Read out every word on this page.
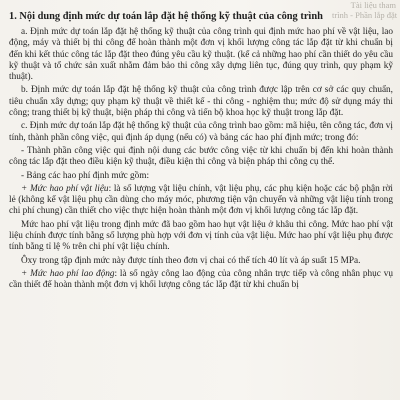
Tài liệu tham
trình - Phần lắp đặt
1. Nội dung định mức dự toán lắp đặt hệ thống kỹ thuật của công trình

a. Định mức dự toán lắp đặt hệ thống kỹ thuật của công trình qui định mức hao phí về vật liệu, lao động, máy và thiết bị thi công để hoàn thành một đơn vị khối lượng công tác lắp đặt từ khi chuẩn bị đến khi kết thúc công tác lắp đặt theo đúng yêu cầu kỹ thuật. (kể cả những hao phí cần thiết do yêu cầu kỹ thuật và tổ chức sản xuất nhằm đảm bảo thi công xây dựng liên tục, đúng quy trình, quy phạm kỹ thuật).

b. Định mức dự toán lắp đặt hệ thống kỹ thuật của công trình được lập trên cơ sở các quy chuẩn, tiêu chuẩn xây dựng; quy phạm kỹ thuật về thiết kế - thi công - nghiệm thu; mức độ sử dụng máy thi công; trang thiết bị kỹ thuật, biện pháp thi công và tiến bộ khoa học kỹ thuật trong lắp đặt.

c. Định mức dự toán lắp đặt hệ thống kỹ thuật của công trình bao gồm: mã hiệu, tên công tác, đơn vị tính, thành phần công việc, qui định áp dụng (nếu có) và bảng các hao phí định mức; trong đó:

- Thành phần công việc qui định nội dung các bước công việc từ khi chuẩn bị đến khi hoàn thành công tác lắp đặt theo điều kiện kỹ thuật, điều kiện thi công và biện pháp thi công cụ thể.

- Bảng các hao phí định mức gồm:

+ Mức hao phí vật liệu: là số lượng vật liệu chính, vật liệu phụ, các phụ kiện hoặc các bộ phận rời lẻ (không kể vật liệu phụ cần dùng cho máy móc, phương tiện vận chuyển và những vật liệu tính trong chi phí chung) cần thiết cho việc thực hiện hoàn thành một đơn vị khối lượng công tác lắp đặt.

Mức hao phí vật liệu trong định mức đã bao gồm hao hụt vật liệu ở khâu thi công. Mức hao phí vật liệu chính được tính bằng số lượng phù hợp với đơn vị tính của vật liệu. Mức hao phí vật liệu phụ được tính bằng tỉ lệ % trên chi phí vật liệu chính.

Ôxy trong tập định mức này được tính theo đơn vị chai có thể tích 40 lít và áp suất 15 MPa.

+ Mức hao phí lao động: là số ngày công lao động của công nhân trực tiếp và công nhân phục vụ cần thiết để hoàn thành một đơn vị khối lượng công tác lắp đặt từ khi chuẩn bị
